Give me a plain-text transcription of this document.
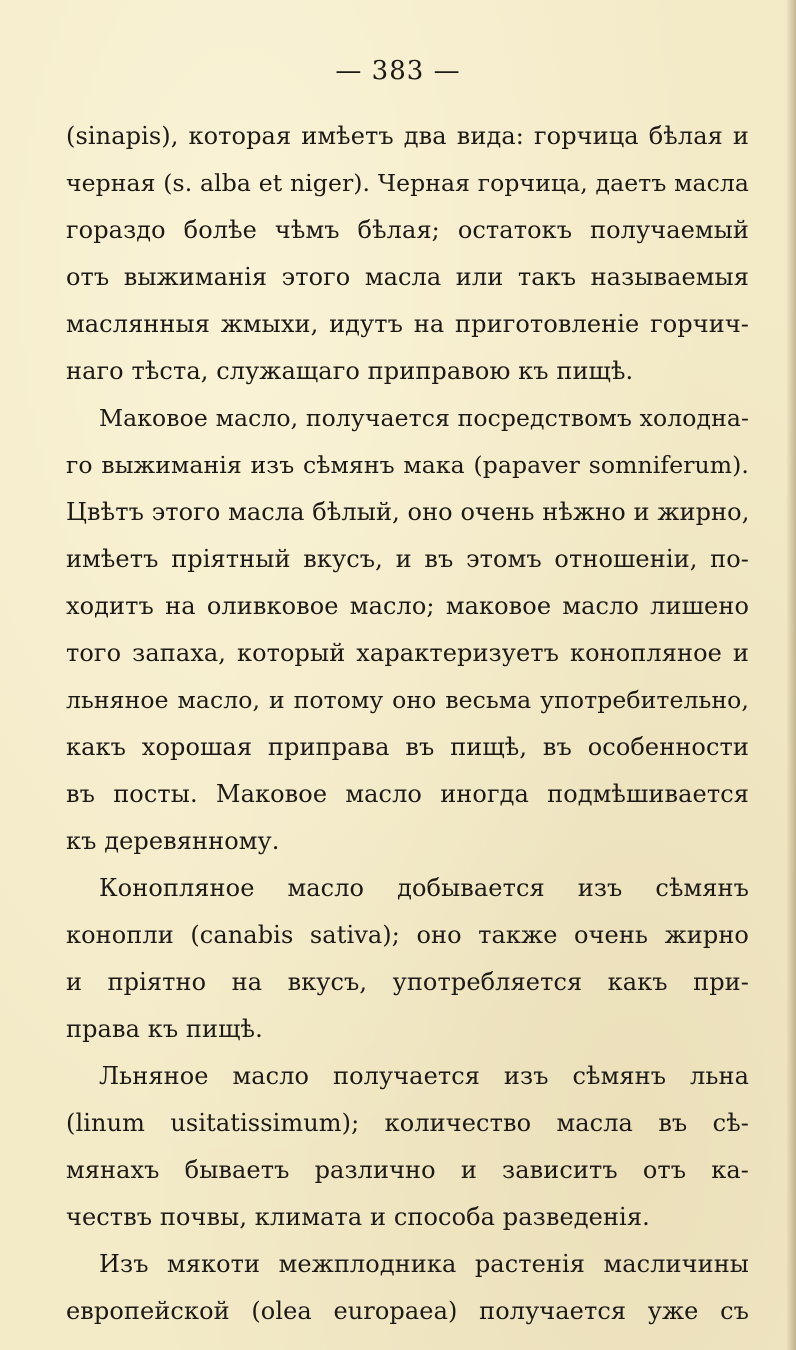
— 383 —
(sinapis), которая имѣетъ два вида: горчица бѣлая и
черная (s. alba et niger). Черная горчица, даетъ масла
гораздо болѣе чѣмъ бѣлая; остатокъ получаемый
отъ выжиманія этого масла или такъ называемыя
маслянныя жмыхи, идутъ на приготовленіе горчич-
наго тѣста, служащаго приправою къ пищѣ.
Маковое масло, получается посредствомъ холодна-
го выжиманія изъ сѣмянъ мака (papaver somniferum).
Цвѣтъ этого масла бѣлый, оно очень нѣжно и жирно,
имѣетъ пріятный вкусъ, и въ этомъ отношеніи, по-
ходитъ на оливковое масло; маковое масло лишено
того запаха, который характеризуетъ конопляное и
льняное масло, и потому оно весьма употребительно,
какъ хорошая приправа въ пищѣ, въ особенности
въ посты. Маковое масло иногда подмѣшивается
къ деревянному.
Конопляное масло добывается изъ сѣмянъ
конопли (canabis sativa); оно также очень жирно
и пріятно на вкусъ, употребляется какъ при-
права къ пищѣ.
Льняное масло получается изъ сѣмянъ льна
(linum usitatissimum); количество масла въ сѣ-
мянахъ бываетъ различно и зависитъ отъ ка-
чествъ почвы, климата и способа разведенія.
Изъ мякоти межплодника растенія масличины
европейской (olea europaea) получается уже съ
